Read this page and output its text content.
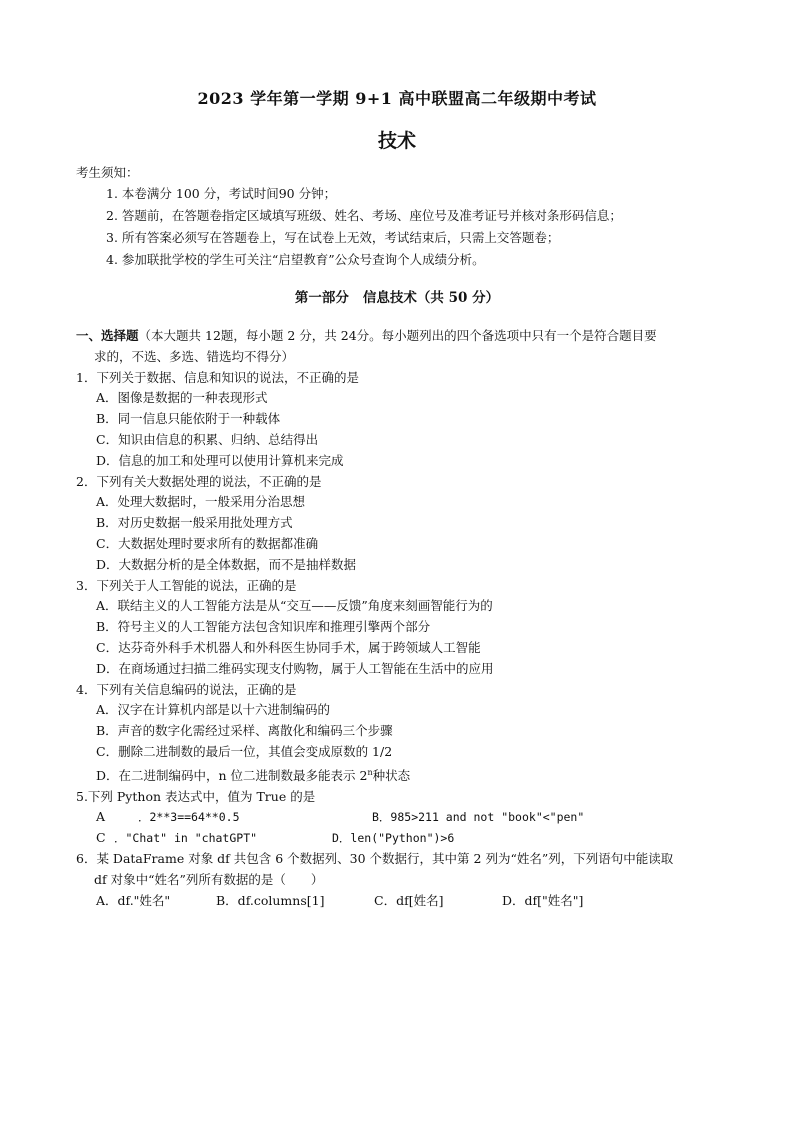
2023 学年第一学期 9+1 高中联盟高二年级期中考试
技术
考生须知：
1. 本卷满分 100 分，考试时间90 分钟；
2. 答题前，在答题卷指定区域填写班级、姓名、考场、座位号及准考证号并核对条形码信息；
3. 所有答案必须写在答题卷上，写在试卷上无效，考试结束后，只需上交答题卷；
4. 参加联批学校的学生可关注“启望教育”公众号查询个人成绩分析。
第一部分 信息技术（共 50 分）
一、选择题（本大题共 12题，每小题 2 分，共 24分。每小题列出的四个备选项中只有一个是符合题目要
求的，不选、多选、错选均不得分）
1．下列关于数据、信息和知识的说法，不正确的是
A．图像是数据的一种表现形式
B．同一信息只能依附于一种载体
C．知识由信息的积累、归纳、总结得出
D．信息的加工和处理可以使用计算机来完成
2．下列有关大数据处理的说法，不正确的是
A．处理大数据时，一般采用分治思想
B．对历史数据一般采用批处理方式
C．大数据处理时要求所有的数据都准确
D．大数据分析的是全体数据，而不是抽样数据
3．下列关于人工智能的说法，正确的是
A．联结主义的人工智能方法是从“交互——反馈”角度来刻画智能行为的
B．符号主义的人工智能方法包含知识库和推理引擎两个部分
C．达芬奇外科手术机器人和外科医生协同手术，属于跨领域人工智能
D．在商场通过扫描二维码实现支付购物，属于人工智能在生活中的应用
4．下列有关信息编码的说法，正确的是
A．汉字在计算机内部是以十六进制编码的
B．声音的数字化需经过采样、离散化和编码三个步骤
C．删除二进制数的最后一位，其值会变成原数的 1/2
D．在二进制编码中，n 位二进制数最多能表示 2$^n$种状态
5.下列 Python 表达式中，值为 True 的是
A	．2**3==64**0.5	B．985>211 and not "book"<"pen"
C ．"Chat" in "chatGPT"	D．len("Python")>6
6．某 DataFrame 对象 df 共包含 6 个数据列、30 个数据行，其中第 2 列为“姓名”列，下列语句中能读取
df 对象中“姓名”列所有数据的是（　　）
A．df."姓名"	B．df.columns[1]	C．df[姓名]	D．df["姓名"]
